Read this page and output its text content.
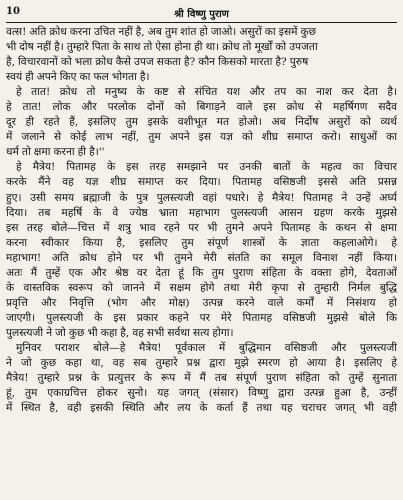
10	श्री विष्णु पुराण
वत्स! अति क्रोध करना उचित नहीं है, अब तुम शांत हो जाओ। असुरों का इसमें कुछ
भी दोष नहीं है। तुम्हारे पिता के साथ तो ऐसा होना ही था। क्रोध तो मूर्खों को उपजता
है, विचारवानों को भला क्रोध कैसे उपज सकता है? कौन किसको मारता है? पुरुष
स्वयं ही अपने किए का फल भोगता है।
हे तात! क्रोध तो मनुष्य के कष्ट से संचित यश और तप का नाश कर देता है।
हे तात! लोक और परलोक दोनों को बिगाड़ने वाले इस क्रोध से महर्षिगण सदैव
दूर ही रहते हैं, इसलिए तुम इसके वशीभूत मत होओ। अब निर्दोष असुरों को व्यर्थ
में जलाने से कोई लाभ नहीं, तुम अपने इस यज्ञ को शीघ्र समाप्त करो। साधुओं का
धर्म तो क्षमा करना ही है।''
हे मैत्रेय! पितामह के इस तरह समझाने पर उनकी बातों के महत्व का विचार
करके मैंने वह यज्ञ शीघ्र समाप्त कर दिया। पितामह वसिष्ठजी इससे अति प्रसन्न
हुए। उसी समय ब्रह्माजी के पुत्र पुलस्त्यजी वहां पधारे। हे मैत्रेय! पितामह ने उन्हें अर्घ्य
दिया। तब महर्षि के वे ज्येष्ठ भ्राता महाभाग पुलस्त्यजी आसन ग्रहण करके मुझसे
इस तरह बोले—चित्त में शत्रु भाव रहने पर भी तुमने अपने पितामह के कथन से क्षमा
करना स्वीकार किया है, इसलिए तुम संपूर्ण शास्त्रों के ज्ञाता कहलाओगे। हे
महाभाग! अति क्रोध होने पर भी तुमने मेरी संतति का समूल विनाश नहीं किया।
अतः मैं तुम्हें एक और श्रेष्ठ वर देता हूं कि तुम पुराण संहिता के वक्ता होगे, देवताओं
के वास्तविक स्वरूप को जानने में सक्षम होगे तथा मेरी कृपा से तुम्हारी निर्मल बुद्धि
प्रवृत्ति और निवृत्ति (भोग और मोक्ष) उत्पन्न करने वाले कर्मों में निसंशय हो
जाएगी। पुलस्त्यजी के इस प्रकार कहने पर मेरे पितामह वसिष्ठजी मुझसे बोले कि
पुलस्त्यजी ने जो कुछ भी कहा है, वह सभी सर्वथा सत्य होगा।
मुनिवर पराशर बोले—हे मैत्रेय! पूर्वकाल में बुद्धिमान वसिष्ठजी और पुलस्त्यजी
ने जो कुछ कहा था, वह सब तुम्हारे प्रश्न द्वारा मुझे स्मरण हो आया है। इसलिए हे
मैत्रेय! तुम्हारे प्रश्न के प्रत्युत्तर के रूप में मैं तब संपूर्ण पुराण संहिता को तुम्हें सुनाता
हूं, तुम एकाग्रचित्त होकर सुनो। यह जगत् (संसार) विष्णु द्वारा उत्पन्न हुआ है, उन्हीं
में स्थित है, वही इसकी स्थिति और लय के कर्ता हैं तथा यह चराचर जगत् भी वही
